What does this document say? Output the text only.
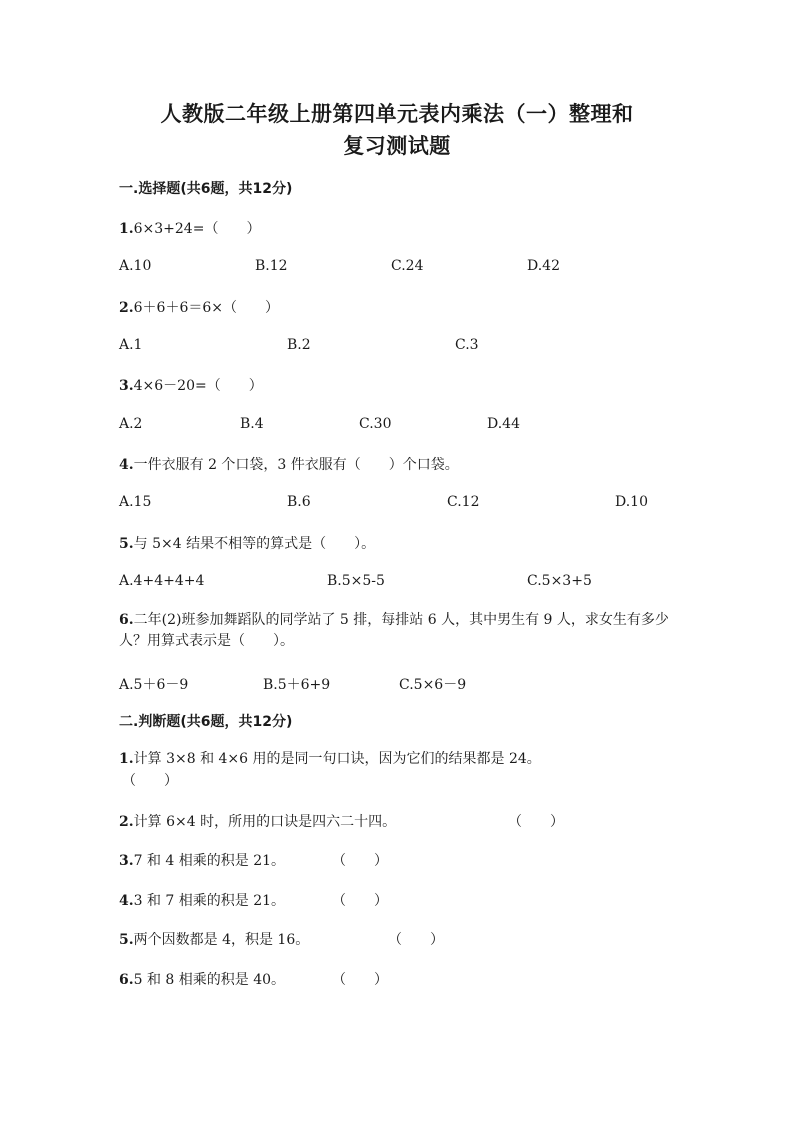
人教版二年级上册第四单元表内乘法（一）整理和
复习测试题
一.选择题(共6题，共12分)
1.6×3+24=（　　）
A.10	B.12	C.24	D.42
2.6＋6＋6＝6×（　　）
A.1	B.2	C.3
3.4×6－20=（　　）
A.2	B.4	C.30	D.44
4.一件衣服有 2 个口袋，3 件衣服有（　　）个口袋。
A.15	B.6	C.12	D.10
5.与 5×4 结果不相等的算式是（　　）。
A.4+4+4+4	B.5×5-5	C.5×3+5
6.二年(2)班参加舞蹈队的同学站了 5 排，每排站 6 人，其中男生有 9 人，求女生有多少人？用算式表示是（　　）。
A.5＋6－9	B.5＋6+9	C.5×6－9
二.判断题(共6题，共12分)
1.计算 3×8 和 4×6 用的是同一句口诀，因为它们的结果都是 24。
（　　）
2.计算 6×4 时，所用的口诀是四六二十四。	（　　）
3.7 和 4 相乘的积是 21。	（　　）
4.3 和 7 相乘的积是 21。	（　　）
5.两个因数都是 4，积是 16。	（　　）
6.5 和 8 相乘的积是 40。	（　　）
